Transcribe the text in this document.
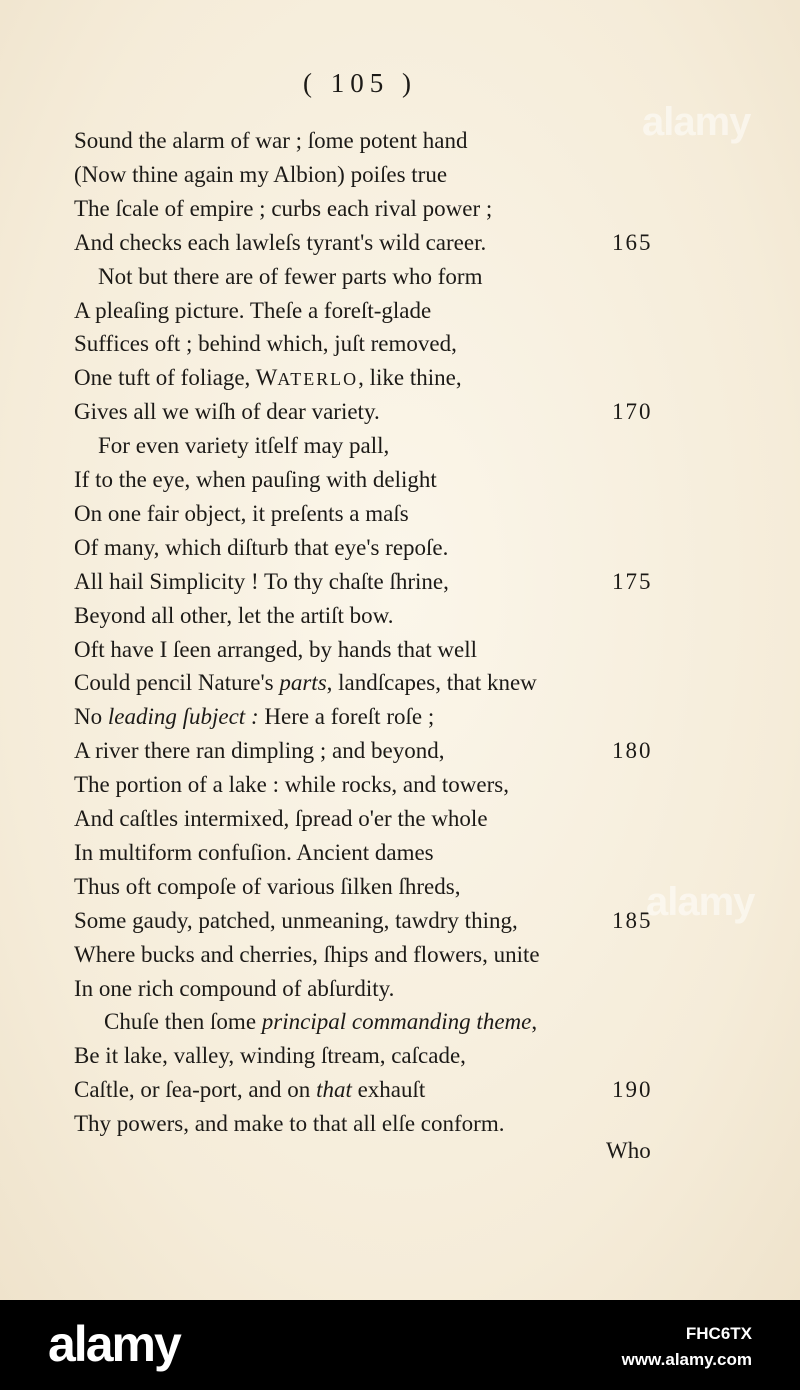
( 105 )
Sound the alarm of war ; ſome potent hand
(Now thine again my Albion) poiſes true
The ſcale of empire ; curbs each rival power ;
And checks each lawleſs tyrant's wild career.	165
Not but there are of fewer parts who form
A pleaſing picture. Theſe a foreſt-glade
Suffices oft ; behind which, juſt removed,
One tuft of foliage, WATERLO, like thine,
Gives all we wiſh of dear variety.	170
For even variety itſelf may pall,
If to the eye, when pauſing with delight
On one fair object, it preſents a maſs
Of many, which diſturb that eye's repoſe.
All hail Simplicity ! To thy chaſte ſhrine,	175
Beyond all other, let the artiſt bow.
Oft have I ſeen arranged, by hands that well
Could pencil Nature's parts, landſcapes, that knew
No leading ſubject : Here a foreſt roſe ;
A river there ran dimpling ; and beyond,	180
The portion of a lake : while rocks, and towers,
And caſtles intermixed, ſpread o'er the whole
In multiform confuſion. Ancient dames
Thus oft compoſe of various ſilken ſhreds,
Some gaudy, patched, unmeaning, tawdry thing,	185
Where bucks and cherries, ſhips and flowers, unite
In one rich compound of abſurdity.
Chuſe then ſome principal commanding theme,
Be it lake, valley, winding ſtream, caſcade,
Caſtle, or ſea-port, and on that exhauſt	190
Thy powers, and make to that all elſe conform.
Who
alamy
alamy
alamy	FHC6TX
www.alamy.com
